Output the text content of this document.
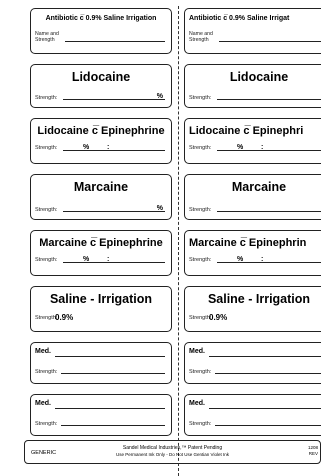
Antibiotic c̅ 0.9% Saline Irrigation
Name and
Strength
Lidocaine
Strength:	%
Lidocaine c̅ Epinephrine
Strength:	%	:
Marcaine
Strength:	%
Marcaine c̅ Epinephrine
Strength:	%	:
Saline - Irrigation
Strength:
0.9%
Med.
Strength:
Med.
Strength:
Antibiotic c̅ 0.9% Saline Irrigat
Name and
Strength
Lidocaine
Strength:
Lidocaine c̅ Epinephri
Strength:	%	:
Marcaine
Strength:
Marcaine c̅ Epinephrin
Strength:	%	:
Saline - Irrigation
Strength:
0.9%
Med.
Strength:
Med.
Strength:
GENERIC
Sandel Medical Industries,™ Patent Pending
Use Permanent Ink Only - Do Not Use Gentian Violet Ink
1208
REV
